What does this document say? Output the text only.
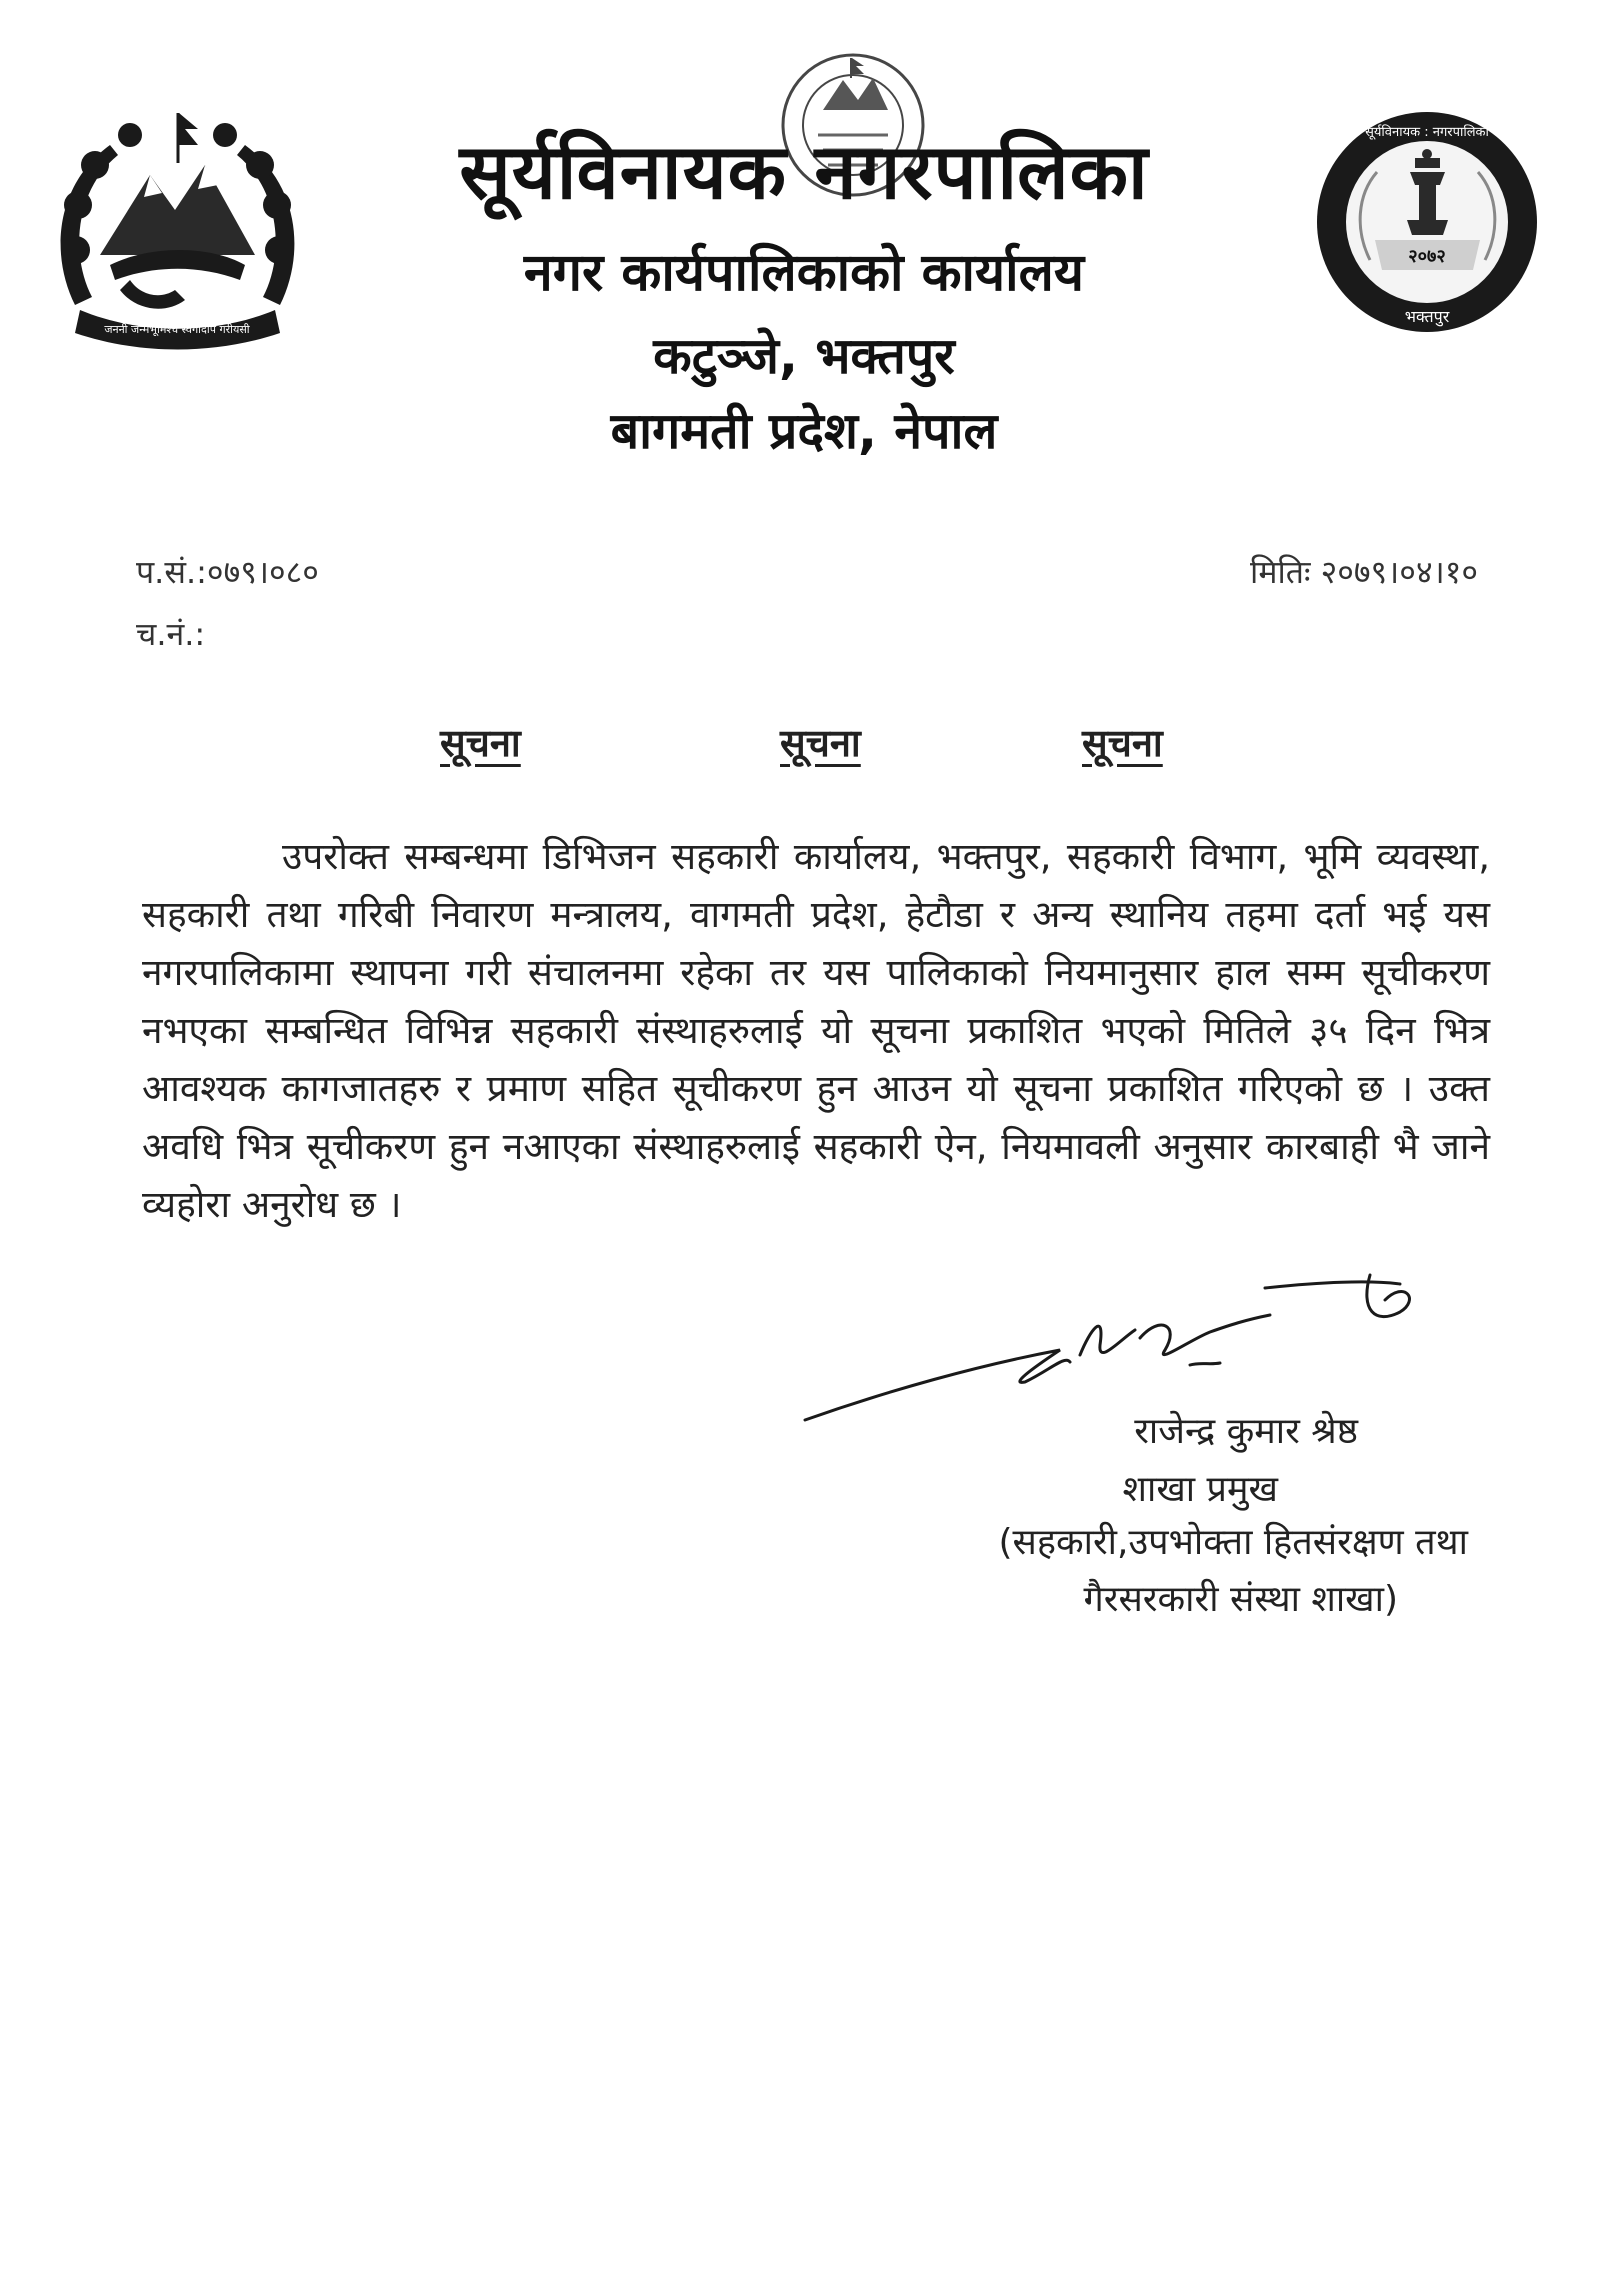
जननी जन्मभूमिश्च स्वर्गादपि गरीयसी
२०७२
भक्तपुर
सूर्यविनायक : नगरपालिका
सूर्यविनायक नगरपालिका
नगर कार्यपालिकाको कार्यालय
कटुञ्जे, भक्तपुर
बागमती प्रदेश, नेपाल
प.सं.:०७९।०८०
च.नं.:
मितिः २०७९।०४।१०
सूचना	सूचना	सूचना
उपरोक्त सम्बन्धमा डिभिजन सहकारी कार्यालय, भक्तपुर, सहकारी विभाग, भूमि व्यवस्था, सहकारी तथा गरिबी निवारण मन्त्रालय, वागमती प्रदेश, हेटौडा र अन्य स्थानिय तहमा दर्ता भई यस नगरपालिकामा स्थापना गरी संचालनमा रहेका तर यस पालिकाको नियमानुसार हाल सम्म सूचीकरण नभएका सम्बन्धित विभिन्न सहकारी संस्थाहरुलाई यो सूचना प्रकाशित भएको मितिले ३५ दिन भित्र आवश्यक कागजातहरु र प्रमाण सहित सूचीकरण हुन आउन यो सूचना प्रकाशित गरिएको छ । उक्त अवधि भित्र सूचीकरण हुन नआएका संस्थाहरुलाई सहकारी ऐन, नियमावली अनुसार कारबाही भै जाने व्यहोरा अनुरोध छ ।
राजेन्द्र कुमार श्रेष्ठ
शाखा प्रमुख
(सहकारी,उपभोक्ता हितसंरक्षण तथा
गैरसरकारी संस्था शाखा)
